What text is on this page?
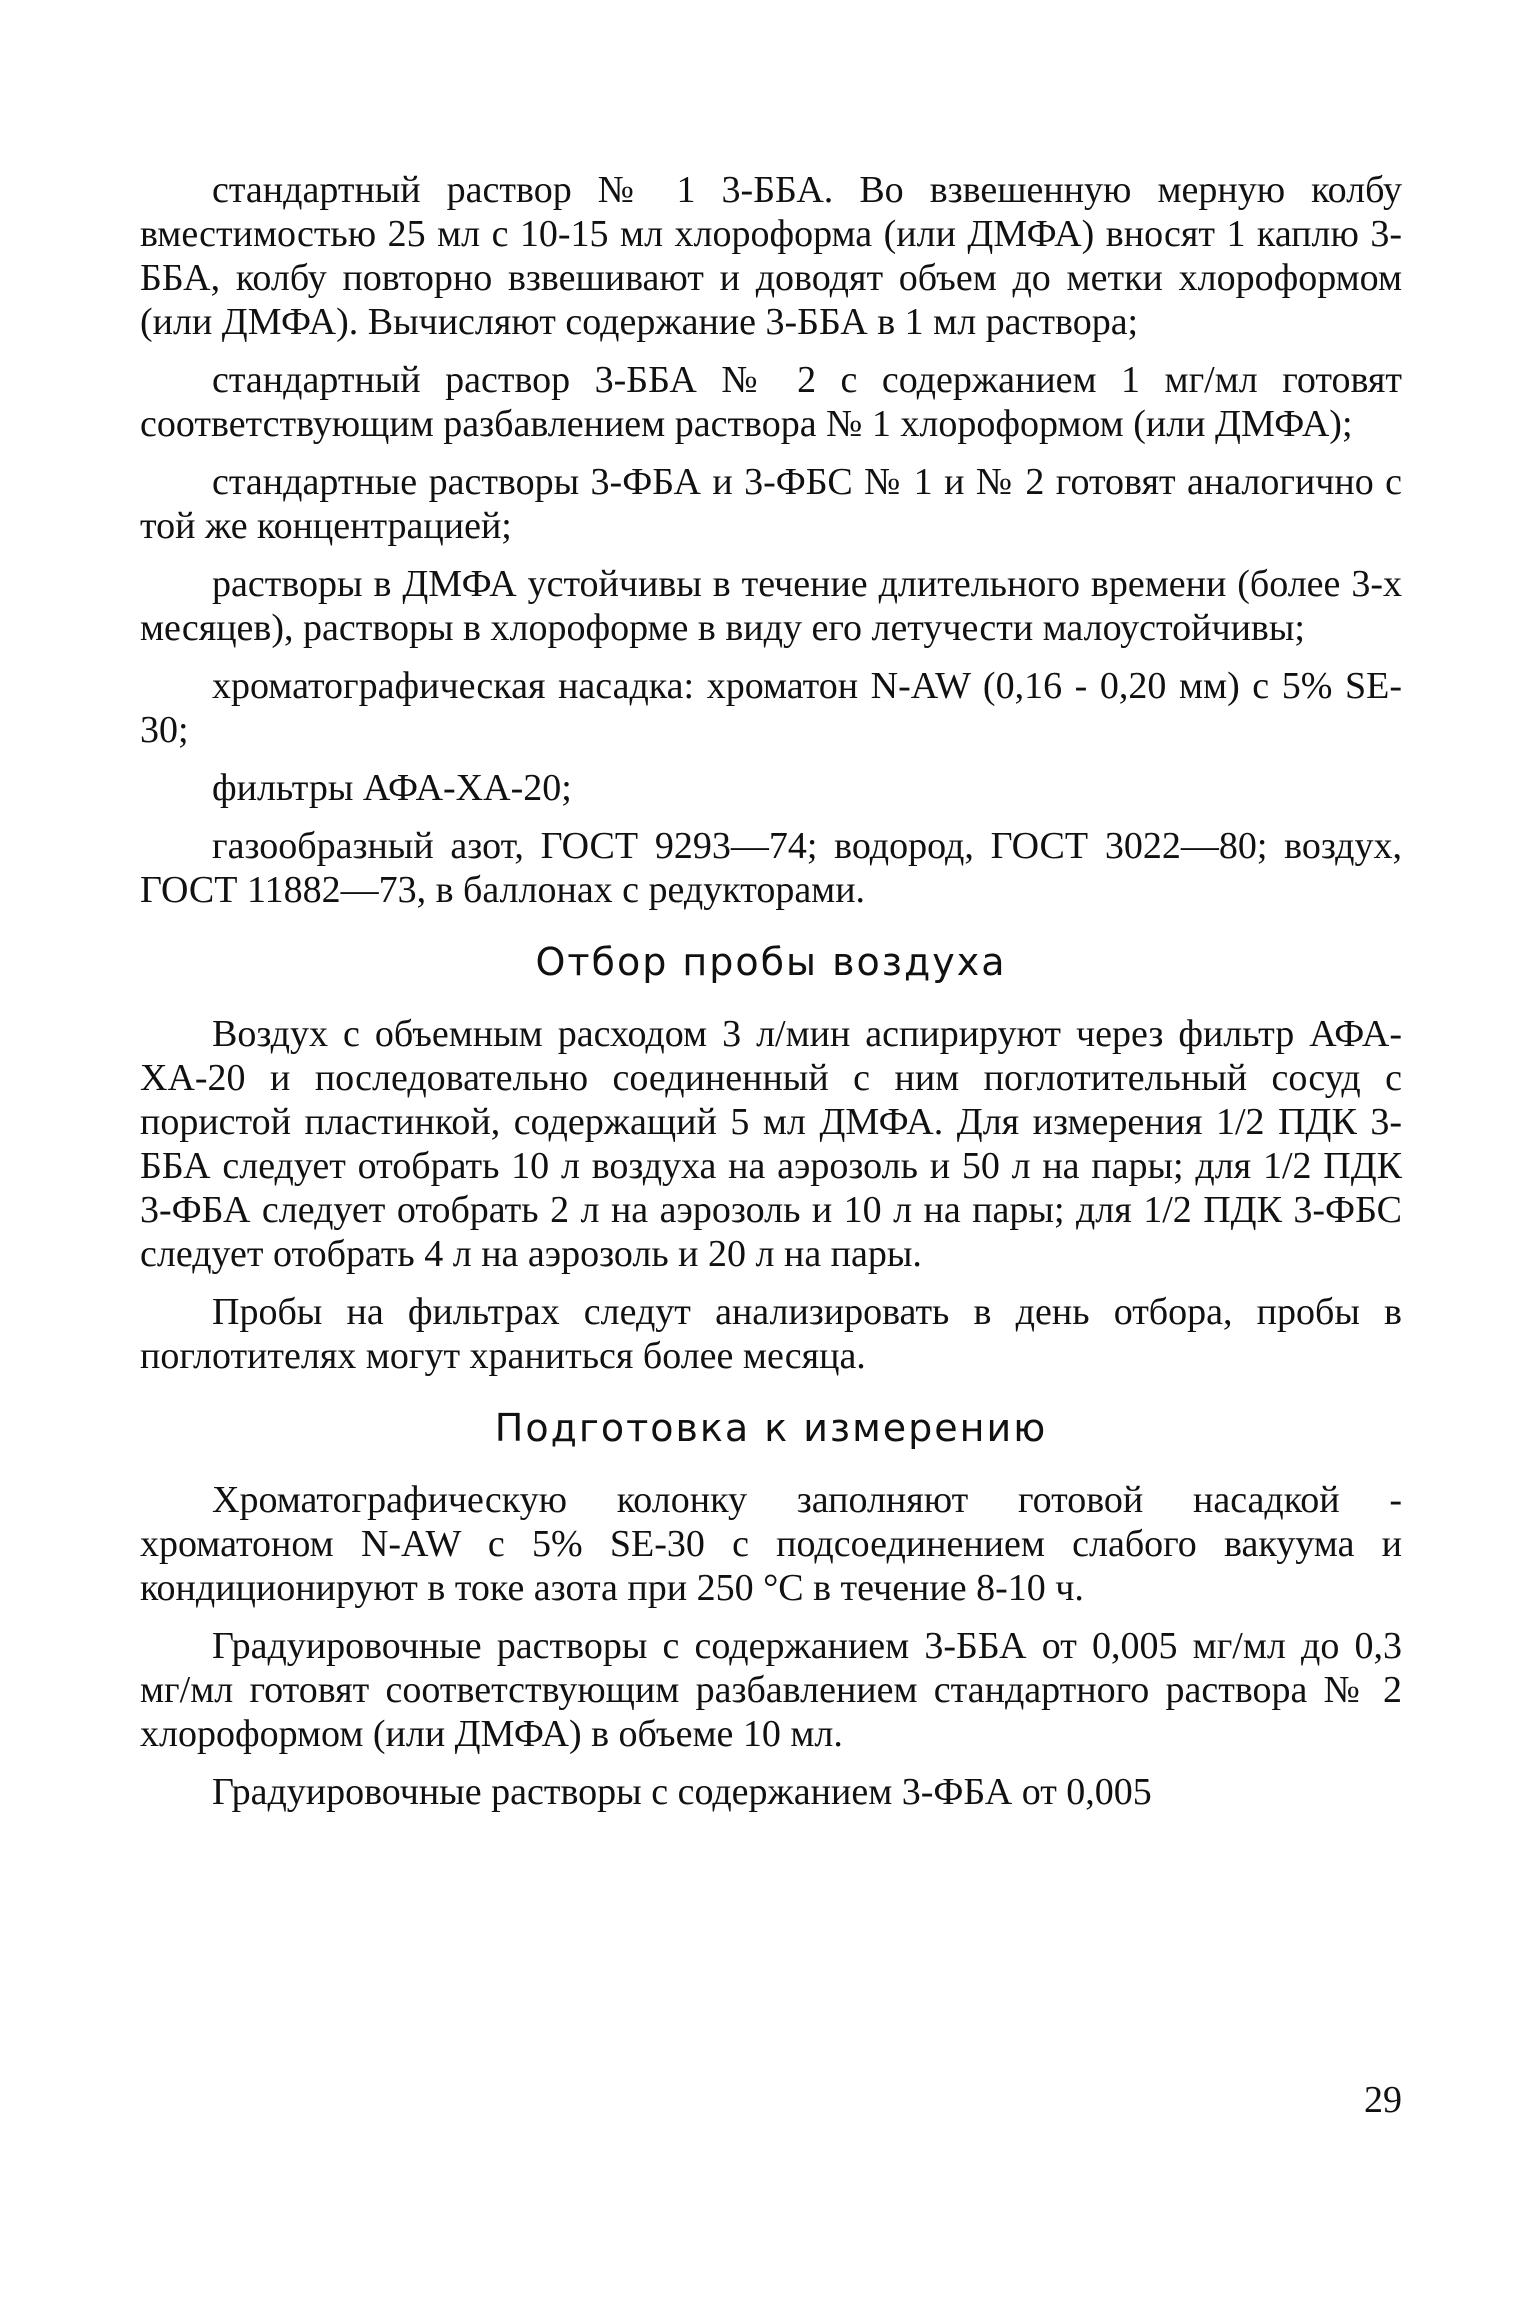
стандартный раствор № 1 3-ББА. Во взвешенную мерную колбу вместимостью 25 мл с 10-15 мл хлороформа (или ДМФА) вносят 1 каплю 3-ББА, колбу повторно взвешивают и доводят объем до метки хлороформом (или ДМФА). Вычисляют содержание 3-ББА в 1 мл раствора;

стандартный раствор 3-ББА № 2 с содержанием 1 мг/мл готовят соответствующим разбавлением раствора № 1 хлороформом (или ДМФА);

стандартные растворы 3-ФБА и 3-ФБС № 1 и № 2 готовят аналогично с той же концентрацией;

растворы в ДМФА устойчивы в течение длительного времени (более 3-х месяцев), растворы в хлороформе в виду его летучести малоустойчивы;

хроматографическая насадка: хроматон N-AW (0,16 - 0,20 мм) с 5% SE-30;

фильтры АФА-ХА-20;

газообразный азот, ГОСТ 9293—74; водород, ГОСТ 3022—80; воздух, ГОСТ 11882—73, в баллонах с редукторами.

Отбор пробы воздуха

Воздух с объемным расходом 3 л/мин аспирируют через фильтр АФА-ХА-20 и последовательно соединенный с ним поглотительный сосуд с пористой пластинкой, содержащий 5 мл ДМФА. Для измерения 1/2 ПДК 3-ББА следует отобрать 10 л воздуха на аэрозоль и 50 л на пары; для 1/2 ПДК 3-ФБА следует отобрать 2 л на аэрозоль и 10 л на пары; для 1/2 ПДК 3-ФБС следует отобрать 4 л на аэрозоль и 20 л на пары.

Пробы на фильтрах следут анализировать в день отбора, пробы в поглотителях могут храниться более месяца.

Подготовка к измерению

Хроматографическую колонку заполняют готовой насадкой - хроматоном N-AW с 5% SE-30 с подсоединением слабого вакуума и кондиционируют в токе азота при 250 °С в течение 8-10 ч.

Градуировочные растворы с содержанием 3-ББА от 0,005 мг/мл до 0,3 мг/мл готовят соответствующим разбавлением стандартного раствора № 2 хлороформом (или ДМФА) в объеме 10 мл.

Градуировочные растворы с содержанием 3-ФБА от 0,005

29
